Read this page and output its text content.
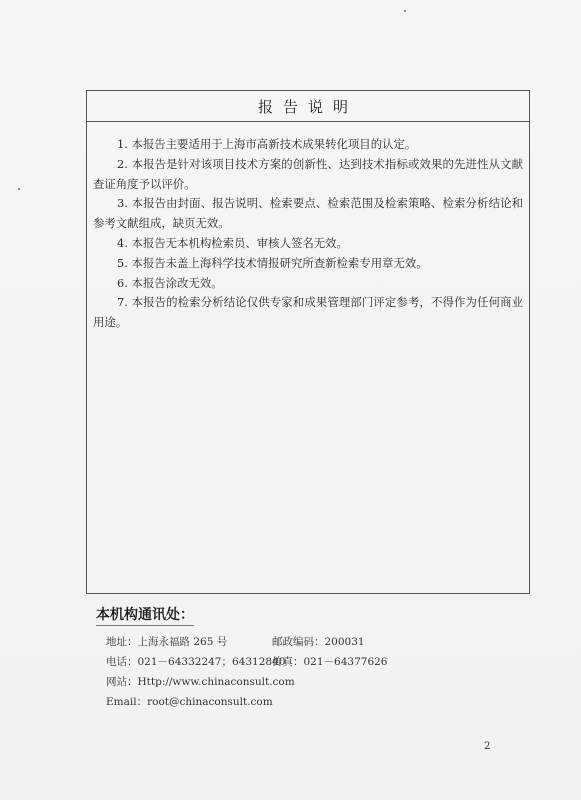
报告说明

1. 本报告主要适用于上海市高新技术成果转化项目的认定。

2. 本报告是针对该项目技术方案的创新性、达到技术指标或效果的先进性从文献查证角度予以评价。

3. 本报告由封面、报告说明、检索要点、检索范围及检索策略、检索分析结论和参考文献组成，缺页无效。

4. 本报告无本机构检索员、审核人签名无效。

5. 本报告未盖上海科学技术情报研究所查新检索专用章无效。

6. 本报告涂改无效。

7. 本报告的检索分析结论仅供专家和成果管理部门评定参考，不得作为任何商业用途。

本机构通讯处：
地址：上海永福路 265 号	邮政编码：200031
电话：021－64332247；64312840
传真：021－64377626
网站：Http://www.chinaconsult.com
Email：root@chinaconsult.com
2
